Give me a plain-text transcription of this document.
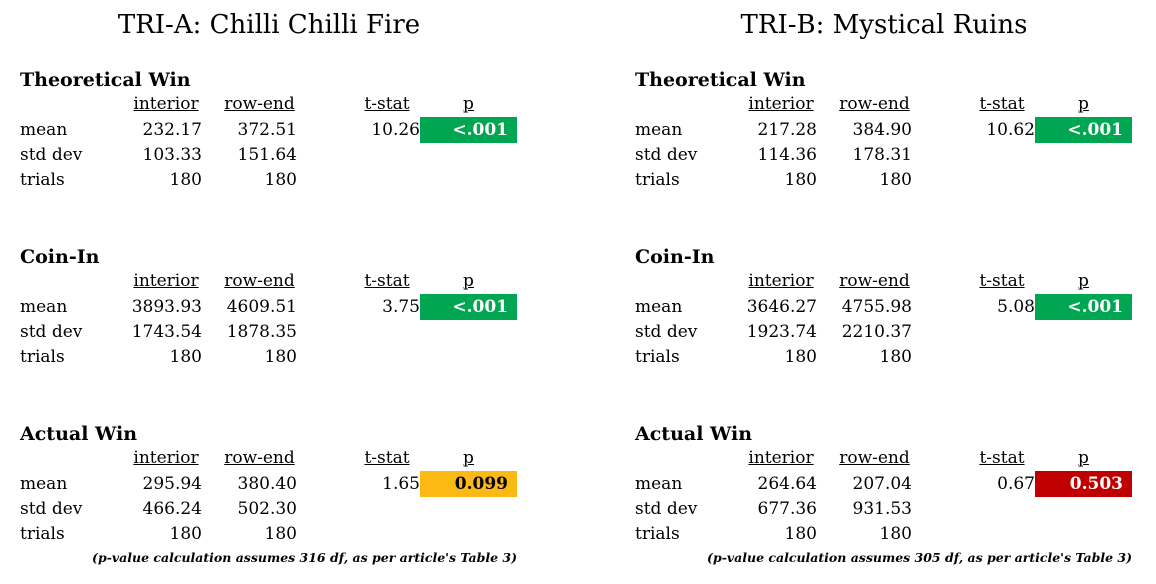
TRI-A: Chilli Chilli Fire
Theoretical Win
	interior	row-end		t-stat	p
mean	232.17	372.51		10.26	<.001

std dev	103.33	151.64			
trials	180	180			
Coin-In
	interior	row-end		t-stat	p
mean	3893.93	4609.51		3.75	<.001

std dev	1743.54	1878.35			
trials	180	180			
Actual Win
	interior	row-end		t-stat	p
mean	295.94	380.40		1.65	0.099

std dev	466.24	502.30			
trials	180	180			
(p-value calculation assumes 316 df, as per article's Table 3)
TRI-B: Mystical Ruins
Theoretical Win
	interior	row-end		t-stat	p
mean	217.28	384.90		10.62	<.001

std dev	114.36	178.31			
trials	180	180			
Coin-In
	interior	row-end		t-stat	p
mean	3646.27	4755.98		5.08	<.001

std dev	1923.74	2210.37			
trials	180	180			
Actual Win
	interior	row-end		t-stat	p
mean	264.64	207.04		0.67	0.503

std dev	677.36	931.53			
trials	180	180			
(p-value calculation assumes 305 df, as per article's Table 3)
